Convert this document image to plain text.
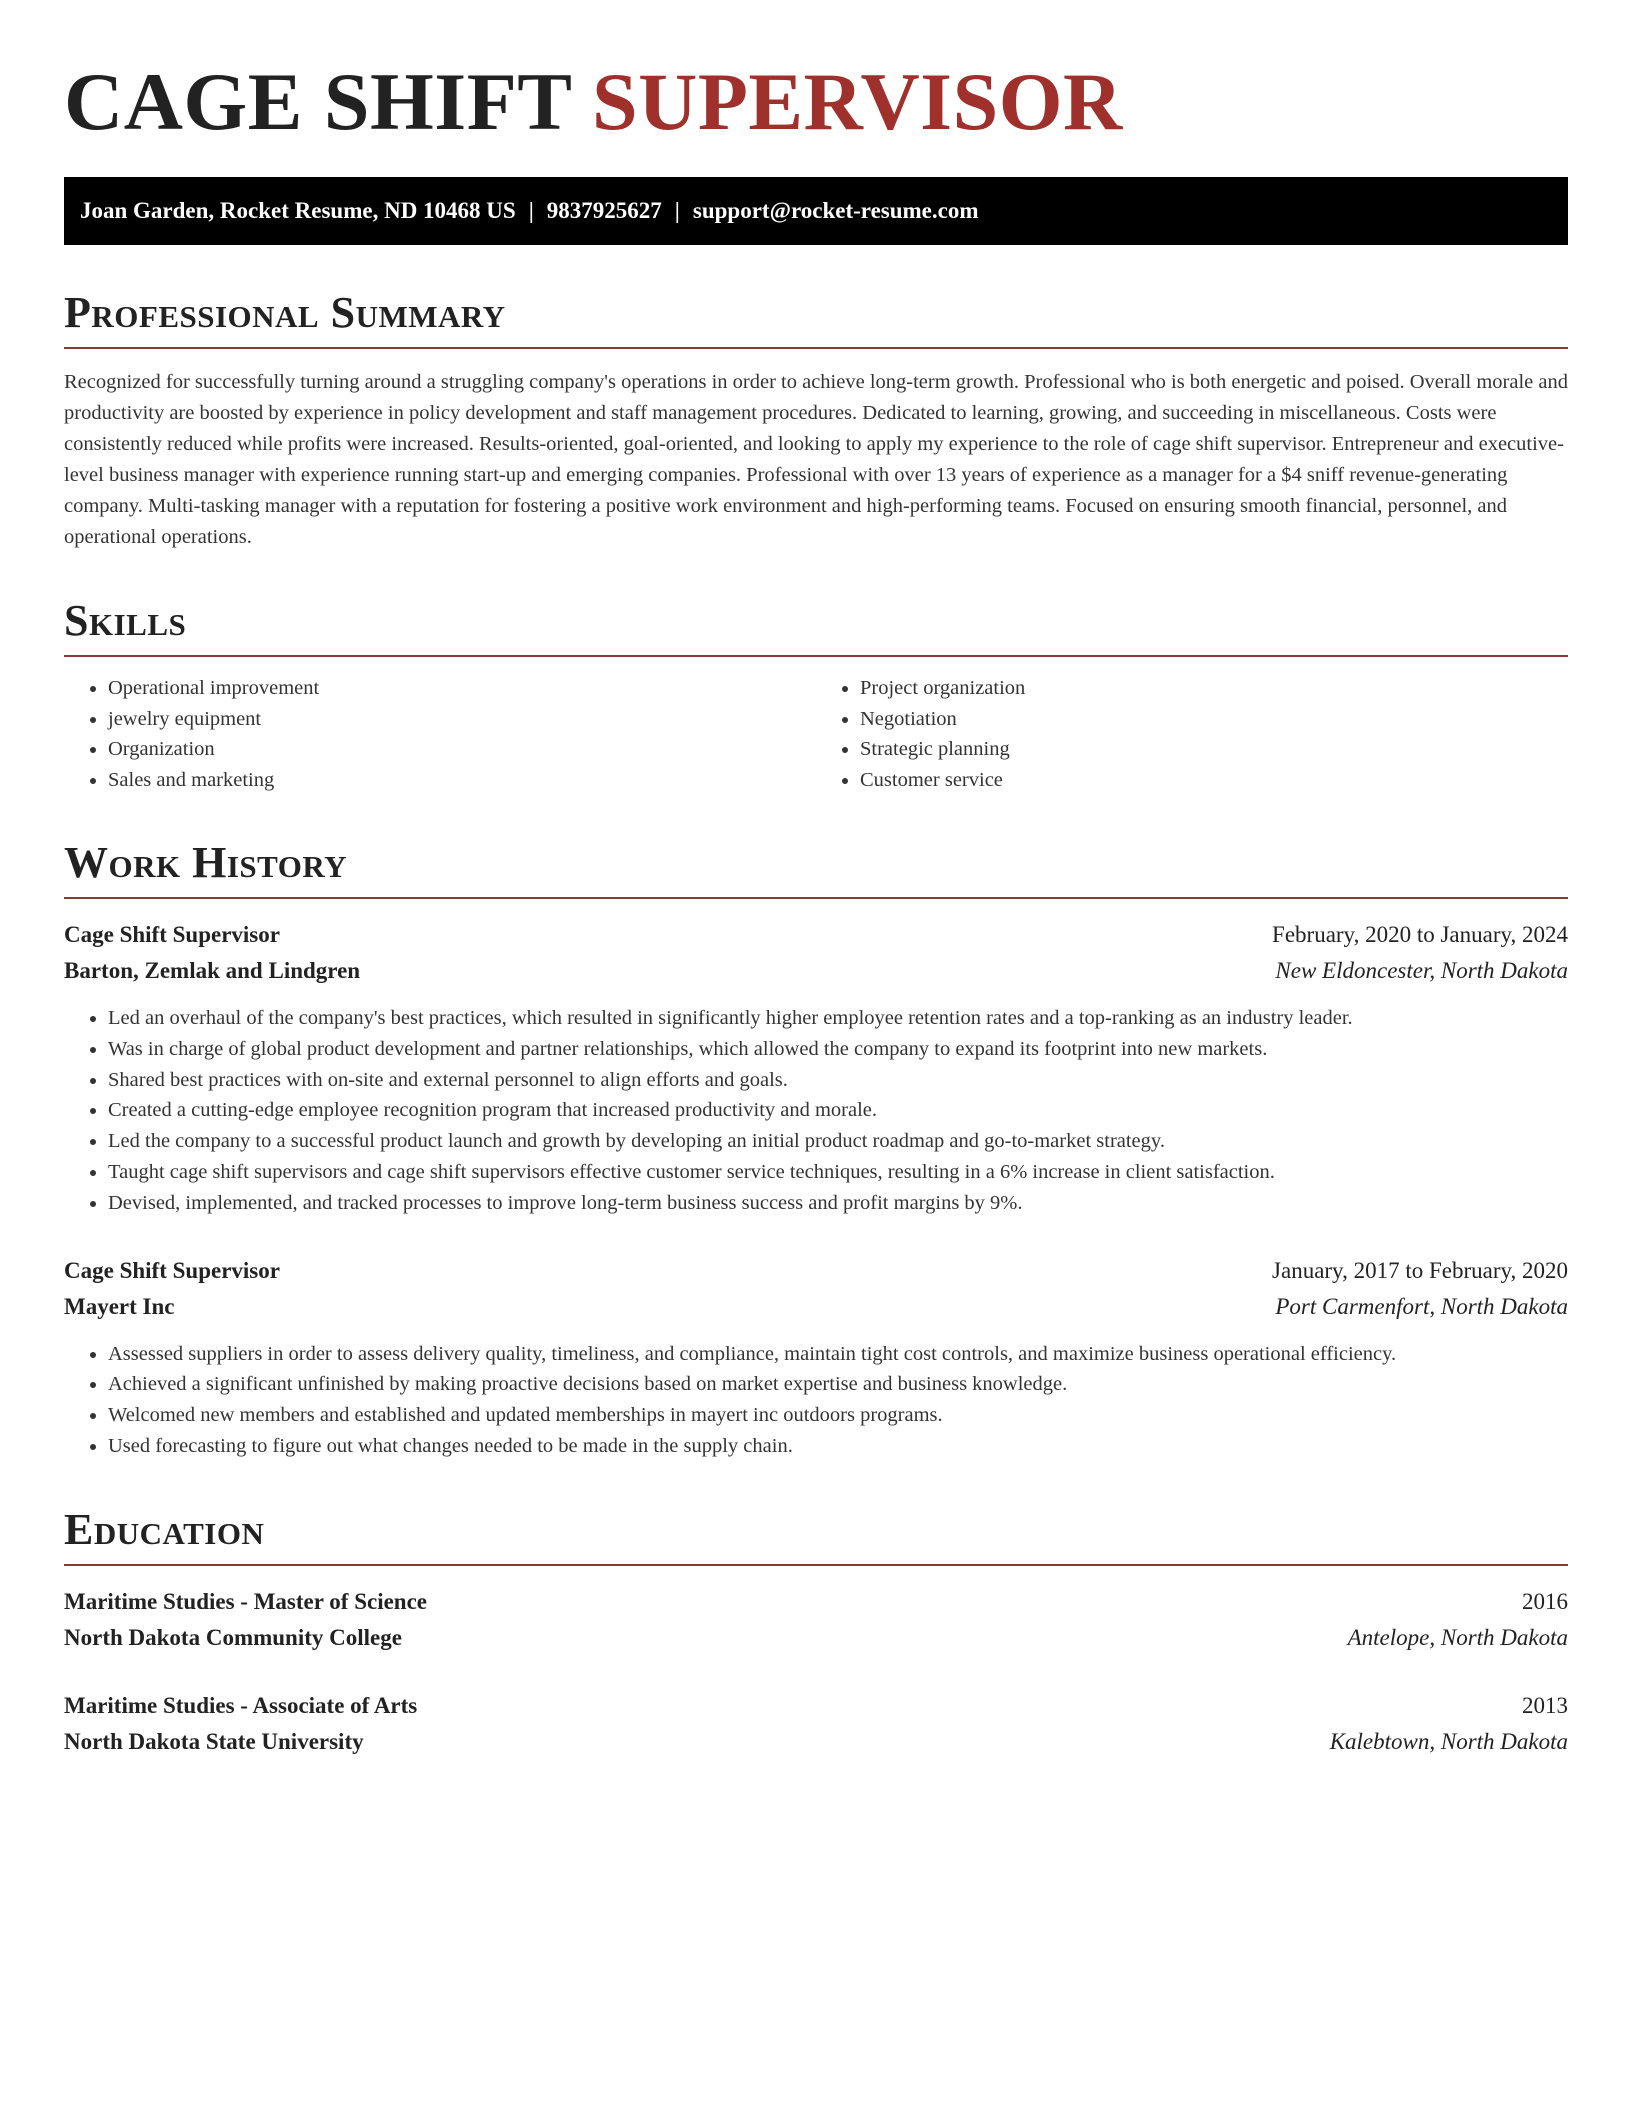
CAGE SHIFT SUPERVISOR
Joan Garden, Rocket Resume, ND 10468 US | 9837925627 | support@rocket-resume.com
Professional Summary

Recognized for successfully turning around a struggling company's operations in order to achieve long-term growth. Professional who is both energetic and poised. Overall morale and productivity are boosted by experience in policy development and staff management procedures. Dedicated to learning, growing, and succeeding in miscellaneous. Costs were consistently reduced while profits were increased. Results-oriented, goal-oriented, and looking to apply my experience to the role of cage shift supervisor. Entrepreneur and executive-level business manager with experience running start-up and emerging companies. Professional with over 13 years of experience as a manager for a $4 sniff revenue-generating company. Multi-tasking manager with a reputation for fostering a positive work environment and high-performing teams. Focused on ensuring smooth financial, personnel, and operational operations.

Skills
• Operational improvement
• jewelry equipment
• Organization
• Sales and marketing
• Project organization
• Negotiation
• Strategic planning
• Customer service
Work History
Cage Shift Supervisor	February, 2020 to January, 2024
Barton, Zemlak and Lindgren	New Eldoncester, North Dakota
• Led an overhaul of the company's best practices, which resulted in significantly higher employee retention rates and a top-ranking as an industry leader.
• Was in charge of global product development and partner relationships, which allowed the company to expand its footprint into new markets.
• Shared best practices with on-site and external personnel to align efforts and goals.
• Created a cutting-edge employee recognition program that increased productivity and morale.
• Led the company to a successful product launch and growth by developing an initial product roadmap and go-to-market strategy.
• Taught cage shift supervisors and cage shift supervisors effective customer service techniques, resulting in a 6% increase in client satisfaction.
• Devised, implemented, and tracked processes to improve long-term business success and profit margins by 9%.
Cage Shift Supervisor	January, 2017 to February, 2020
Mayert Inc	Port Carmenfort, North Dakota
• Assessed suppliers in order to assess delivery quality, timeliness, and compliance, maintain tight cost controls, and maximize business operational efficiency.
• Achieved a significant unfinished by making proactive decisions based on market expertise and business knowledge.
• Welcomed new members and established and updated memberships in mayert inc outdoors programs.
• Used forecasting to figure out what changes needed to be made in the supply chain.
Education
Maritime Studies - Master of Science	2016
North Dakota Community College	Antelope, North Dakota
Maritime Studies - Associate of Arts	2013
North Dakota State University	Kalebtown, North Dakota
